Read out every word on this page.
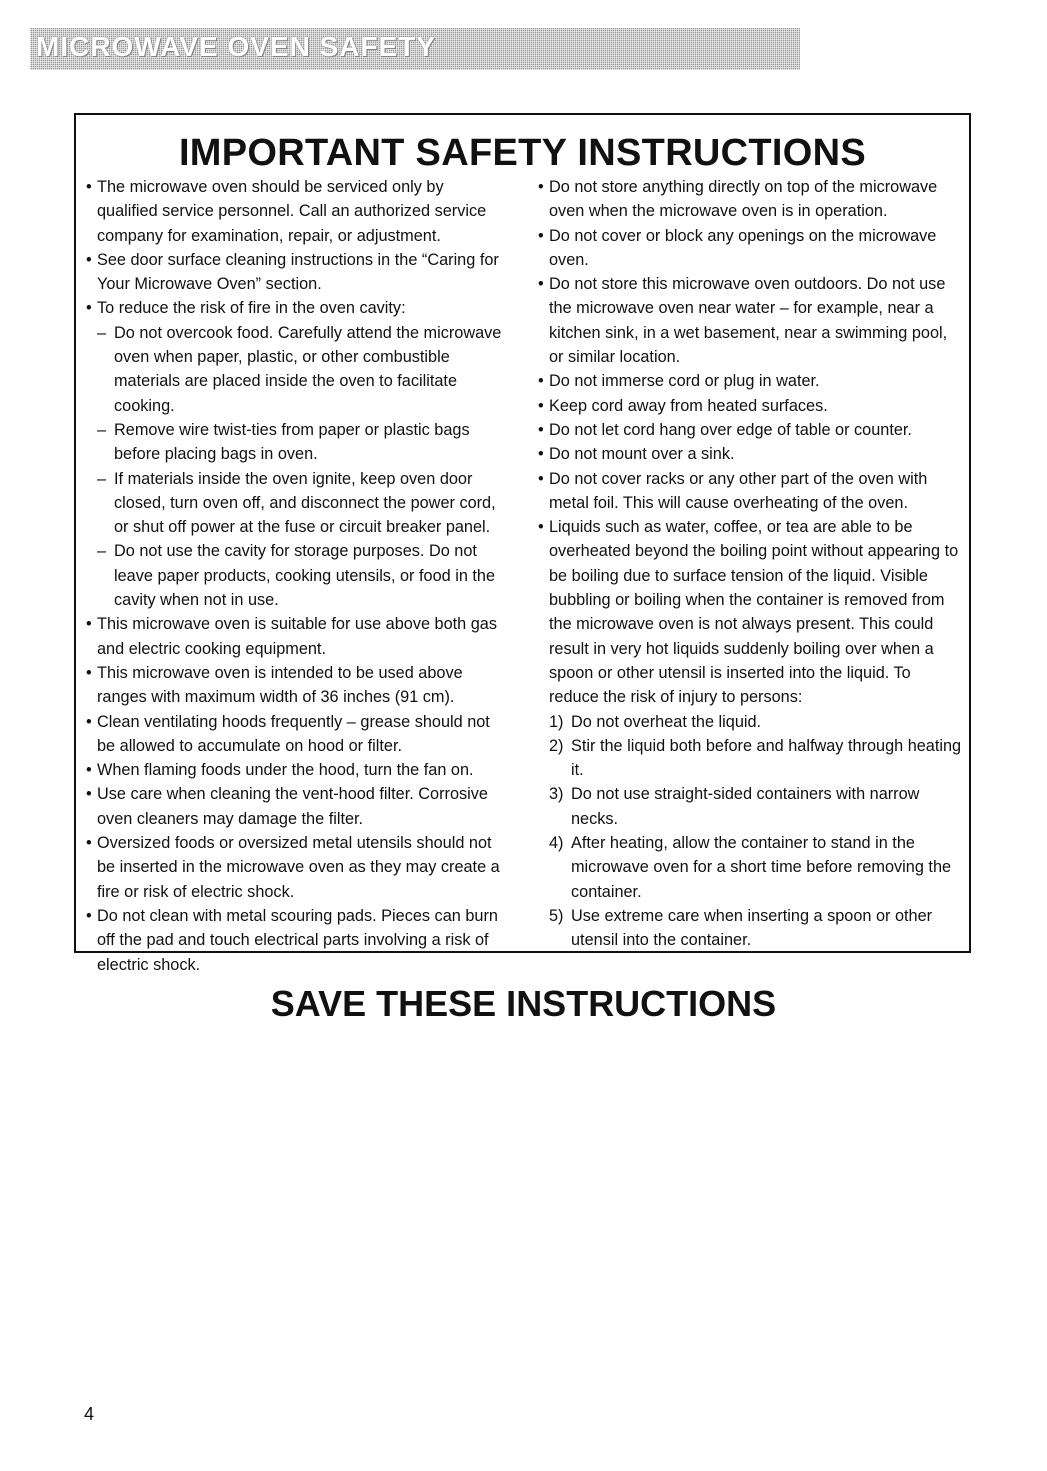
MICROWAVE OVEN SAFETY
IMPORTANT SAFETY INSTRUCTIONS
• The microwave oven should be serviced only by qualified service personnel. Call an authorized service company for examination, repair, or adjustment.
• See door surface cleaning instructions in the “Caring for Your Microwave Oven” section.
• To reduce the risk of fire in the oven cavity:
– Do not overcook food. Carefully attend the microwave oven when paper, plastic, or other combustible materials are placed inside the oven to facilitate cooking.
– Remove wire twist-ties from paper or plastic bags before placing bags in oven.
– If materials inside the oven ignite, keep oven door closed, turn oven off, and disconnect the power cord, or shut off power at the fuse or circuit breaker panel.
– Do not use the cavity for storage purposes. Do not leave paper products, cooking utensils, or food in the cavity when not in use.
• This microwave oven is suitable for use above both gas and electric cooking equipment.
• This microwave oven is intended to be used above ranges with maximum width of 36 inches (91 cm).
• Clean ventilating hoods frequently – grease should not be allowed to accumulate on hood or filter.
• When flaming foods under the hood, turn the fan on.
• Use care when cleaning the vent-hood filter. Corrosive oven cleaners may damage the filter.
• Oversized foods or oversized metal utensils should not be inserted in the microwave oven as they may create a fire or risk of electric shock.
• Do not clean with metal scouring pads. Pieces can burn off the pad and touch electrical parts involving a risk of electric shock.
• Do not store anything directly on top of the microwave oven when the microwave oven is in operation.
• Do not cover or block any openings on the microwave oven.
• Do not store this microwave oven outdoors. Do not use the microwave oven near water – for example, near a kitchen sink, in a wet basement, near a swimming pool, or similar location.
• Do not immerse cord or plug in water.
• Keep cord away from heated surfaces.
• Do not let cord hang over edge of table or counter.
• Do not mount over a sink.
• Do not cover racks or any other part of the oven with metal foil. This will cause overheating of the oven.
• Liquids such as water, coffee, or tea are able to be overheated beyond the boiling point without appearing to be boiling due to surface tension of the liquid. Visible bubbling or boiling when the container is removed from the microwave oven is not always present. This could result in very hot liquids suddenly boiling over when a spoon or other utensil is inserted into the liquid. To reduce the risk of injury to persons:
1) Do not overheat the liquid.
2) Stir the liquid both before and halfway through heating it.
3) Do not use straight-sided containers with narrow necks.
4) After heating, allow the container to stand in the microwave oven for a short time before removing the container.
5) Use extreme care when inserting a spoon or other utensil into the container.
SAVE THESE INSTRUCTIONS
4
